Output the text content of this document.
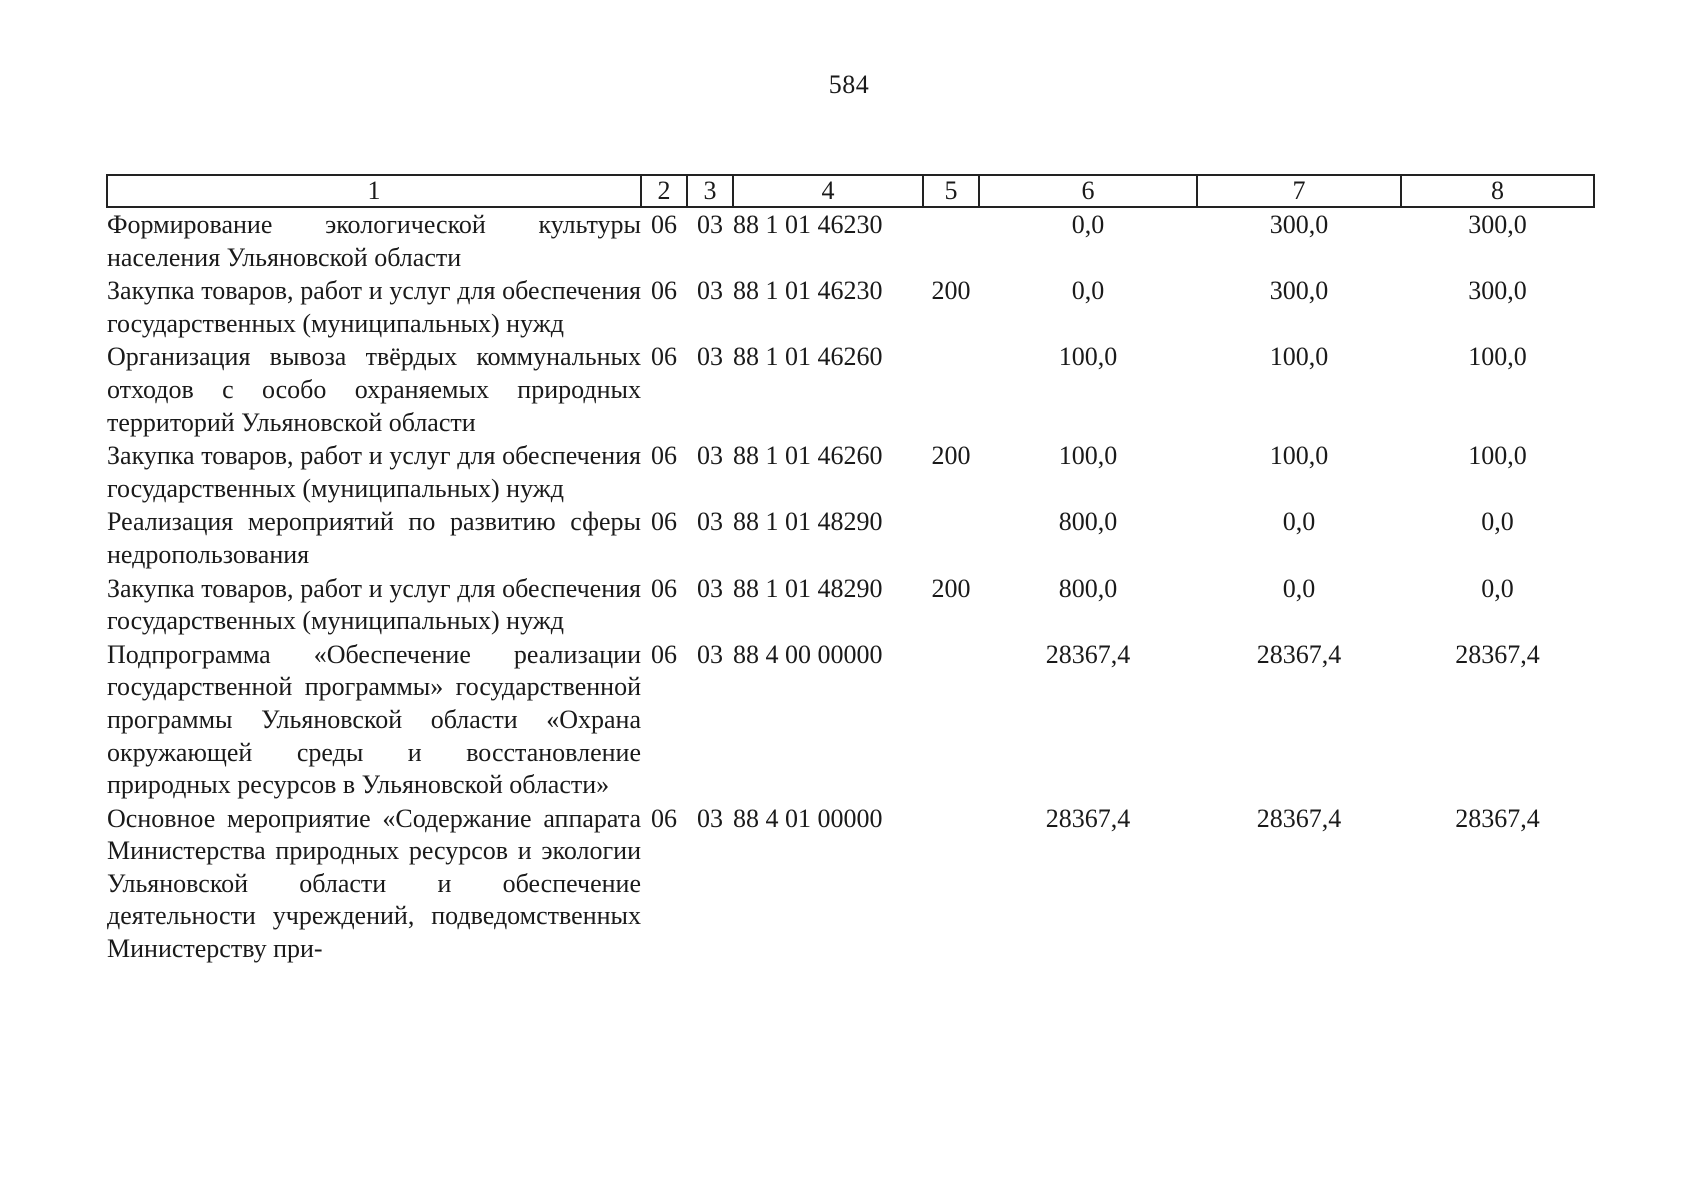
584
1	2	3	4	5	6	7	8
Формирование экологической культуры населения Ульяновской области	06	03	88 1 01 46230		0,0	300,0	300,0
Закупка товаров, работ и услуг для обеспечения государственных (муниципальных) нужд	06	03	88 1 01 46230	200	0,0	300,0	300,0
Организация вывоза твёрдых коммунальных отходов с особо охраняемых природных территорий Ульяновской области	06	03	88 1 01 46260		100,0	100,0	100,0
Закупка товаров, работ и услуг для обеспечения государственных (муниципальных) нужд	06	03	88 1 01 46260	200	100,0	100,0	100,0
Реализация мероприятий по развитию сферы недропользования	06	03	88 1 01 48290		800,0	0,0	0,0
Закупка товаров, работ и услуг для обеспечения государственных (муниципальных) нужд	06	03	88 1 01 48290	200	800,0	0,0	0,0
Подпрограмма «Обеспечение реализации государственной программы» государственной программы Ульяновской области «Охрана окружающей среды и восстановление природных ресурсов в Ульяновской области»	06	03	88 4 00 00000		28367,4	28367,4	28367,4
Основное мероприятие «Содержание аппарата Министерства природных ресурсов и экологии Ульяновской области и обеспечение деятельности учреждений, подведомственных Министерству при-	06	03	88 4 01 00000		28367,4	28367,4	28367,4
